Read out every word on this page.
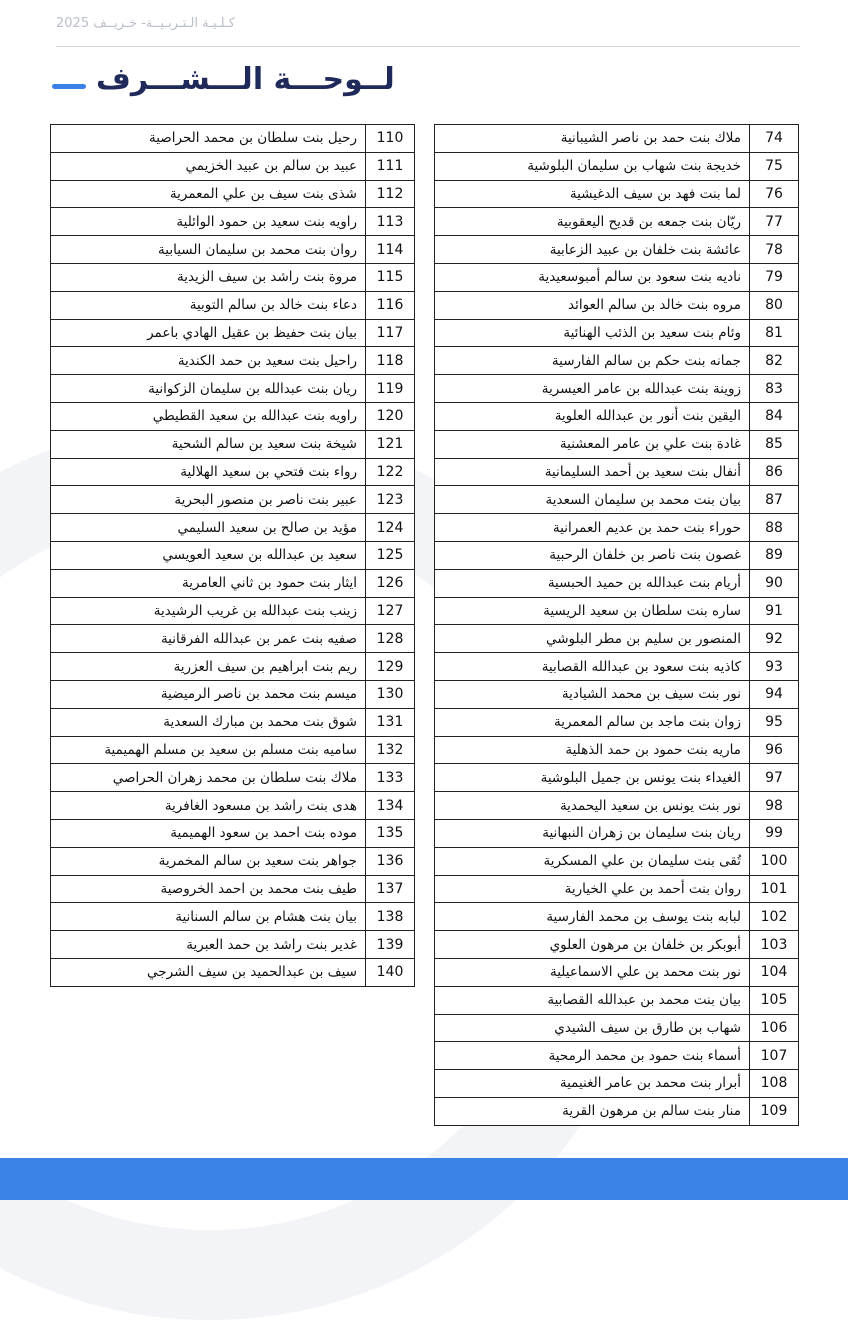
كـلـيـة الـتـربـيــة- خـريــف 2025
لــوحـــة الـــشـــرف
ملاك بنت حمد بن ناصر الشيبانية	74
خديجة بنت شهاب بن سليمان البلوشية	75
لما بنت فهد بن سيف الدغيشية	76
ريّان بنت جمعه بن قديح اليعقوبية	77
عائشة بنت خلفان بن عبيد الزعابية	78
ناديه بنت سعود بن سالم أمبوسعيدية	79
مروه بنت خالد بن سالم العوائد	80
وئام بنت سعيد بن الذئب الهنائية	81
جمانه بنت حكم بن سالم الفارسية	82
زوينة بنت عبدالله بن عامر العيسرية	83
اليقين بنت أنور بن عبدالله العلوية	84
غادة بنت علي بن عامر المعشنية	85
أنفال بنت سعيد بن أحمد السليمانية	86
بيان بنت محمد بن سليمان السعدية	87
حوراء بنت حمد بن عديم العمرانية	88
غصون بنت ناصر بن خلفان الرحبية	89
أريام بنت عبدالله بن حميد الحبسية	90
ساره بنت سلطان بن سعيد الريسية	91
المنصور بن سليم بن مطر البلوشي	92
كاذيه بنت سعود بن عبدالله القصابية	93
نور بنت سيف بن محمد الشيادية	94
زوان بنت ماجد بن سالم المعمرية	95
ماريه بنت حمود بن حمد الذهلية	96
الغيداء بنت يونس بن جميل البلوشية	97
نور بنت يونس بن سعيد اليحمدية	98
ريان بنت سليمان بن زهران النبهانية	99
تُقى بنت سليمان بن علي المسكرية	100
روان بنت أحمد بن علي الخيارية	101
لبابه بنت يوسف بن محمد الفارسية	102
أبوبكر بن خلفان بن مرهون العلوي	103
نور بنت محمد بن علي الاسماعيلية	104
بيان بنت محمد بن عبدالله القصابية	105
شهاب بن طارق بن سيف الشيدي	106
أسماء بنت حمود بن محمد الرمحية	107
أبرار بنت محمد بن عامر الغنيمية	108
منار بنت سالم بن مرهون القرية	109
رحيل بنت سلطان بن محمد الحراصية	110
عبيد بن سالم بن عبيد الخزيمي	111
شذى بنت سيف بن علي المعمرية	112
راويه بنت سعيد بن حمود الوائلية	113
روان بنت محمد بن سليمان السيابية	114
مروة بنت راشد بن سيف الزيدية	115
دعاء بنت خالد بن سالم التوبية	116
بيان بنت حفيظ بن عقيل الهادي باعمر	117
راحيل بنت سعيد بن حمد الكندية	118
ريان بنت عبدالله بن سليمان الزكوانية	119
راويه بنت عبدالله بن سعيد القطيطي	120
شيخة بنت سعيد بن سالم الشحية	121
رواء بنت فتحي بن سعيد الهلالية	122
عبير بنت ناصر بن منصور البحرية	123
مؤيد بن صالح بن سعيد السليمي	124
سعيد بن عبدالله بن سعيد العويسي	125
ايثار بنت حمود بن ثاني العامرية	126
زينب بنت عبدالله بن غريب الرشيدية	127
صفيه بنت عمر بن عبدالله الفرقانية	128
ريم بنت ابراهيم بن سيف العزرية	129
ميسم بنت محمد بن ناصر الرميضية	130
شوق بنت محمد بن مبارك السعدية	131
ساميه بنت مسلم بن سعيد بن مسلم الهميمية	132
ملاك بنت سلطان بن محمد زهران الحراصي	133
هدى بنت راشد بن مسعود الغافرية	134
موده بنت احمد بن سعود الهميمية	135
جواهر بنت سعيد بن سالم المخمرية	136
طيف بنت محمد بن احمد الخروصية	137
بيان بنت هشام بن سالم السنانية	138
غدير بنت راشد بن حمد العبرية	139
سيف بن عبدالحميد بن سيف الشرجي	140
